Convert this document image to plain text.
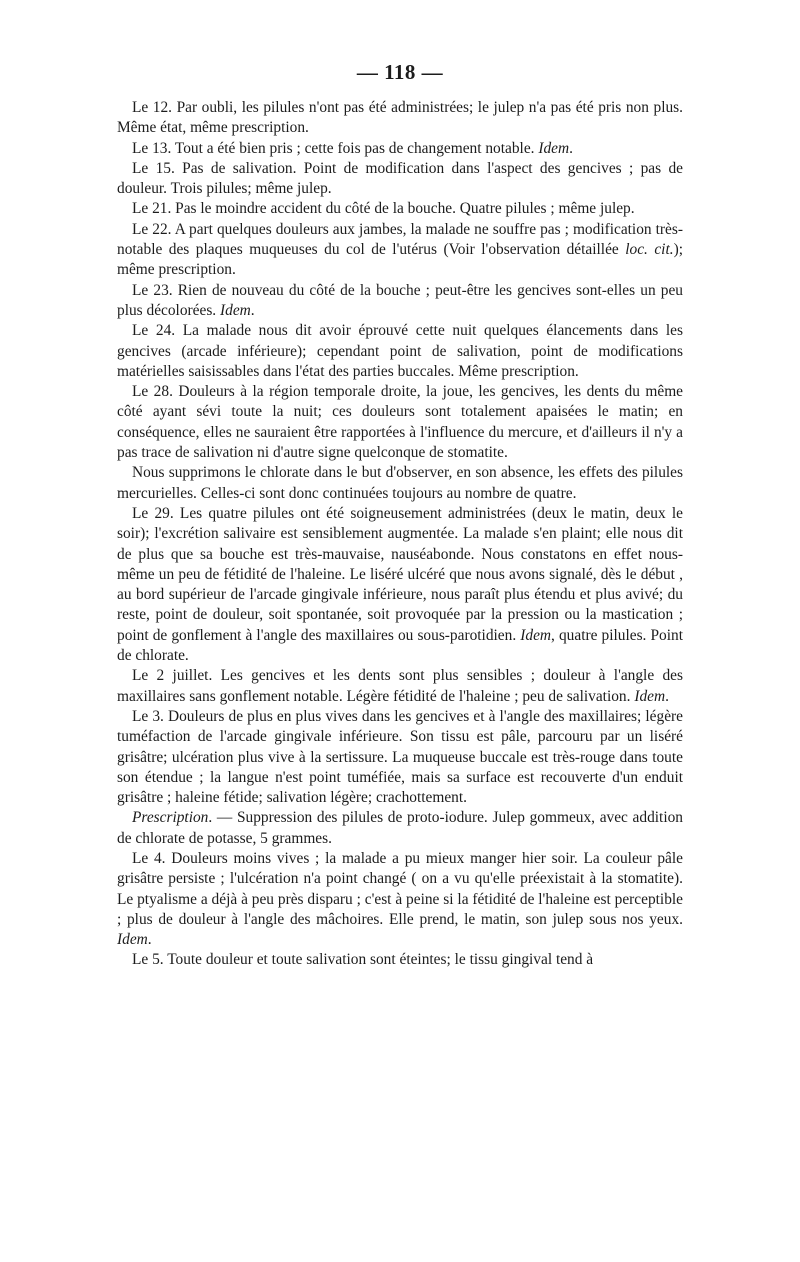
— 118 —

Le 12. Par oubli, les pilules n'ont pas été administrées; le julep n'a pas été pris non plus. Même état, même prescription.

Le 13. Tout a été bien pris ; cette fois pas de changement notable. Idem.

Le 15. Pas de salivation. Point de modification dans l'aspect des gencives ; pas de douleur. Trois pilules; même julep.

Le 21. Pas le moindre accident du côté de la bouche. Quatre pilules ; même julep.

Le 22. A part quelques douleurs aux jambes, la malade ne souffre pas ; modification très-notable des plaques muqueuses du col de l'utérus (Voir l'observation détaillée loc. cit.); même prescription.

Le 23. Rien de nouveau du côté de la bouche ; peut-être les gencives sont-elles un peu plus décolorées. Idem.

Le 24. La malade nous dit avoir éprouvé cette nuit quelques élancements dans les gencives (arcade inférieure); cependant point de salivation, point de modifications matérielles saisissables dans l'état des parties buccales. Même prescription.

Le 28. Douleurs à la région temporale droite, la joue, les gencives, les dents du même côté ayant sévi toute la nuit; ces douleurs sont totalement apaisées le matin; en conséquence, elles ne sauraient être rapportées à l'influence du mercure, et d'ailleurs il n'y a pas trace de salivation ni d'autre signe quelconque de stomatite.

Nous supprimons le chlorate dans le but d'observer, en son absence, les effets des pilules mercurielles. Celles-ci sont donc continuées toujours au nombre de quatre.

Le 29. Les quatre pilules ont été soigneusement administrées (deux le matin, deux le soir); l'excrétion salivaire est sensiblement augmentée. La malade s'en plaint; elle nous dit de plus que sa bouche est très-mauvaise, nauséabonde. Nous constatons en effet nous-même un peu de fétidité de l'haleine. Le liséré ulcéré que nous avons signalé, dès le début , au bord supérieur de l'arcade gingivale inférieure, nous paraît plus étendu et plus avivé; du reste, point de douleur, soit spontanée, soit provoquée par la pression ou la mastication ; point de gonflement à l'angle des maxillaires ou sous-parotidien. Idem, quatre pilules. Point de chlorate.

Le 2 juillet. Les gencives et les dents sont plus sensibles ; douleur à l'angle des maxillaires sans gonflement notable. Légère fétidité de l'haleine ; peu de salivation. Idem.

Le 3. Douleurs de plus en plus vives dans les gencives et à l'angle des maxillaires; légère tuméfaction de l'arcade gingivale inférieure. Son tissu est pâle, parcouru par un liséré grisâtre; ulcération plus vive à la sertissure. La muqueuse buccale est très-rouge dans toute son étendue ; la langue n'est point tuméfiée, mais sa surface est recouverte d'un enduit grisâtre ; haleine fétide; salivation légère; crachottement.

Prescription. — Suppression des pilules de proto-iodure. Julep gommeux, avec addition de chlorate de potasse, 5 grammes.

Le 4. Douleurs moins vives ; la malade a pu mieux manger hier soir. La couleur pâle grisâtre persiste ; l'ulcération n'a point changé ( on a vu qu'elle préexistait à la stomatite). Le ptyalisme a déjà à peu près disparu ; c'est à peine si la fétidité de l'haleine est perceptible ; plus de douleur à l'angle des mâchoires. Elle prend, le matin, son julep sous nos yeux. Idem.

Le 5. Toute douleur et toute salivation sont éteintes; le tissu gingival tend à
